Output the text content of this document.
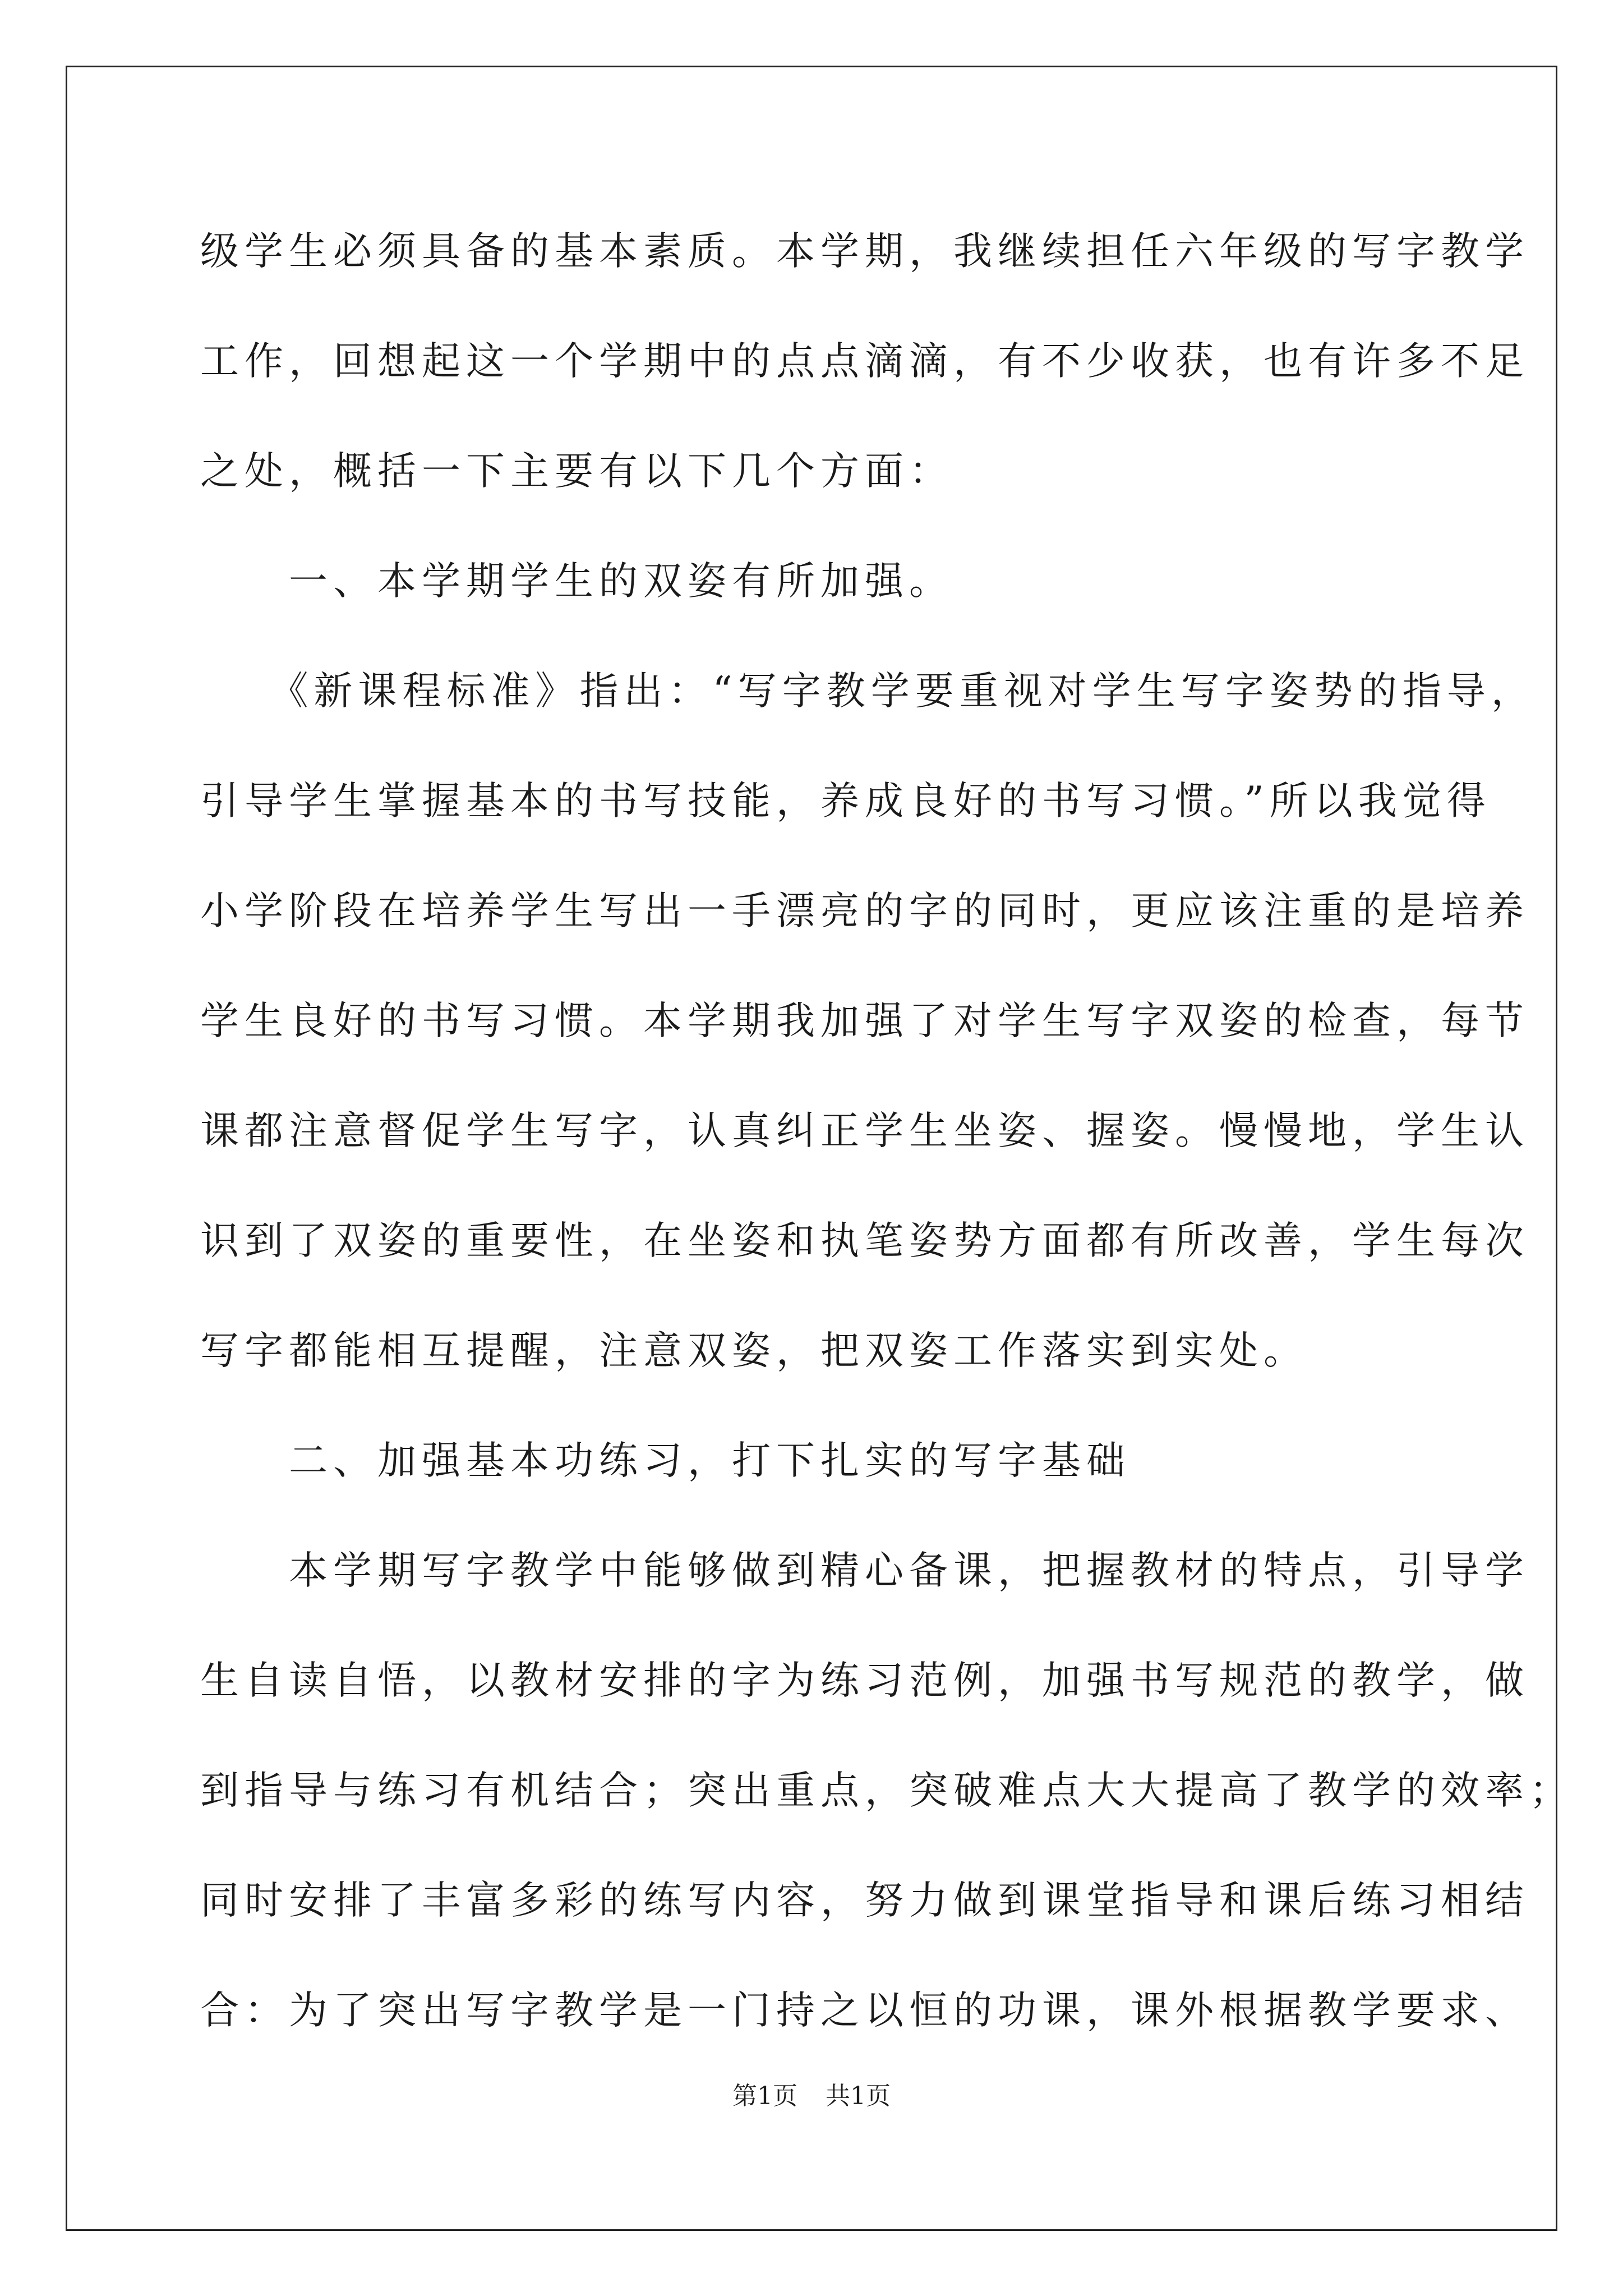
级学生必须具备的基本素质。本学期，我继续担任六年级的写字教学
工作，回想起这一个学期中的点点滴滴，有不少收获，也有许多不足
之处，概括一下主要有以下几个方面：
　　一、本学期学生的双姿有所加强。
　　《新课程标准》指出：“写字教学要重视对学生写字姿势的指导，
引导学生掌握基本的书写技能，养成良好的书写习惯。”所以我觉得
小学阶段在培养学生写出一手漂亮的字的同时，更应该注重的是培养
学生良好的书写习惯。本学期我加强了对学生写字双姿的检查，每节
课都注意督促学生写字，认真纠正学生坐姿、握姿。慢慢地，学生认
识到了双姿的重要性，在坐姿和执笔姿势方面都有所改善，学生每次
写字都能相互提醒，注意双姿，把双姿工作落实到实处。
　　二、加强基本功练习，打下扎实的写字基础
　　本学期写字教学中能够做到精心备课，把握教材的特点，引导学
生自读自悟，以教材安排的字为练习范例，加强书写规范的教学，做
到指导与练习有机结合；突出重点，突破难点大大提高了教学的效率；
同时安排了丰富多彩的练写内容，努力做到课堂指导和课后练习相结
合：为了突出写字教学是一门持之以恒的功课，课外根据教学要求、
第1页 共1页
